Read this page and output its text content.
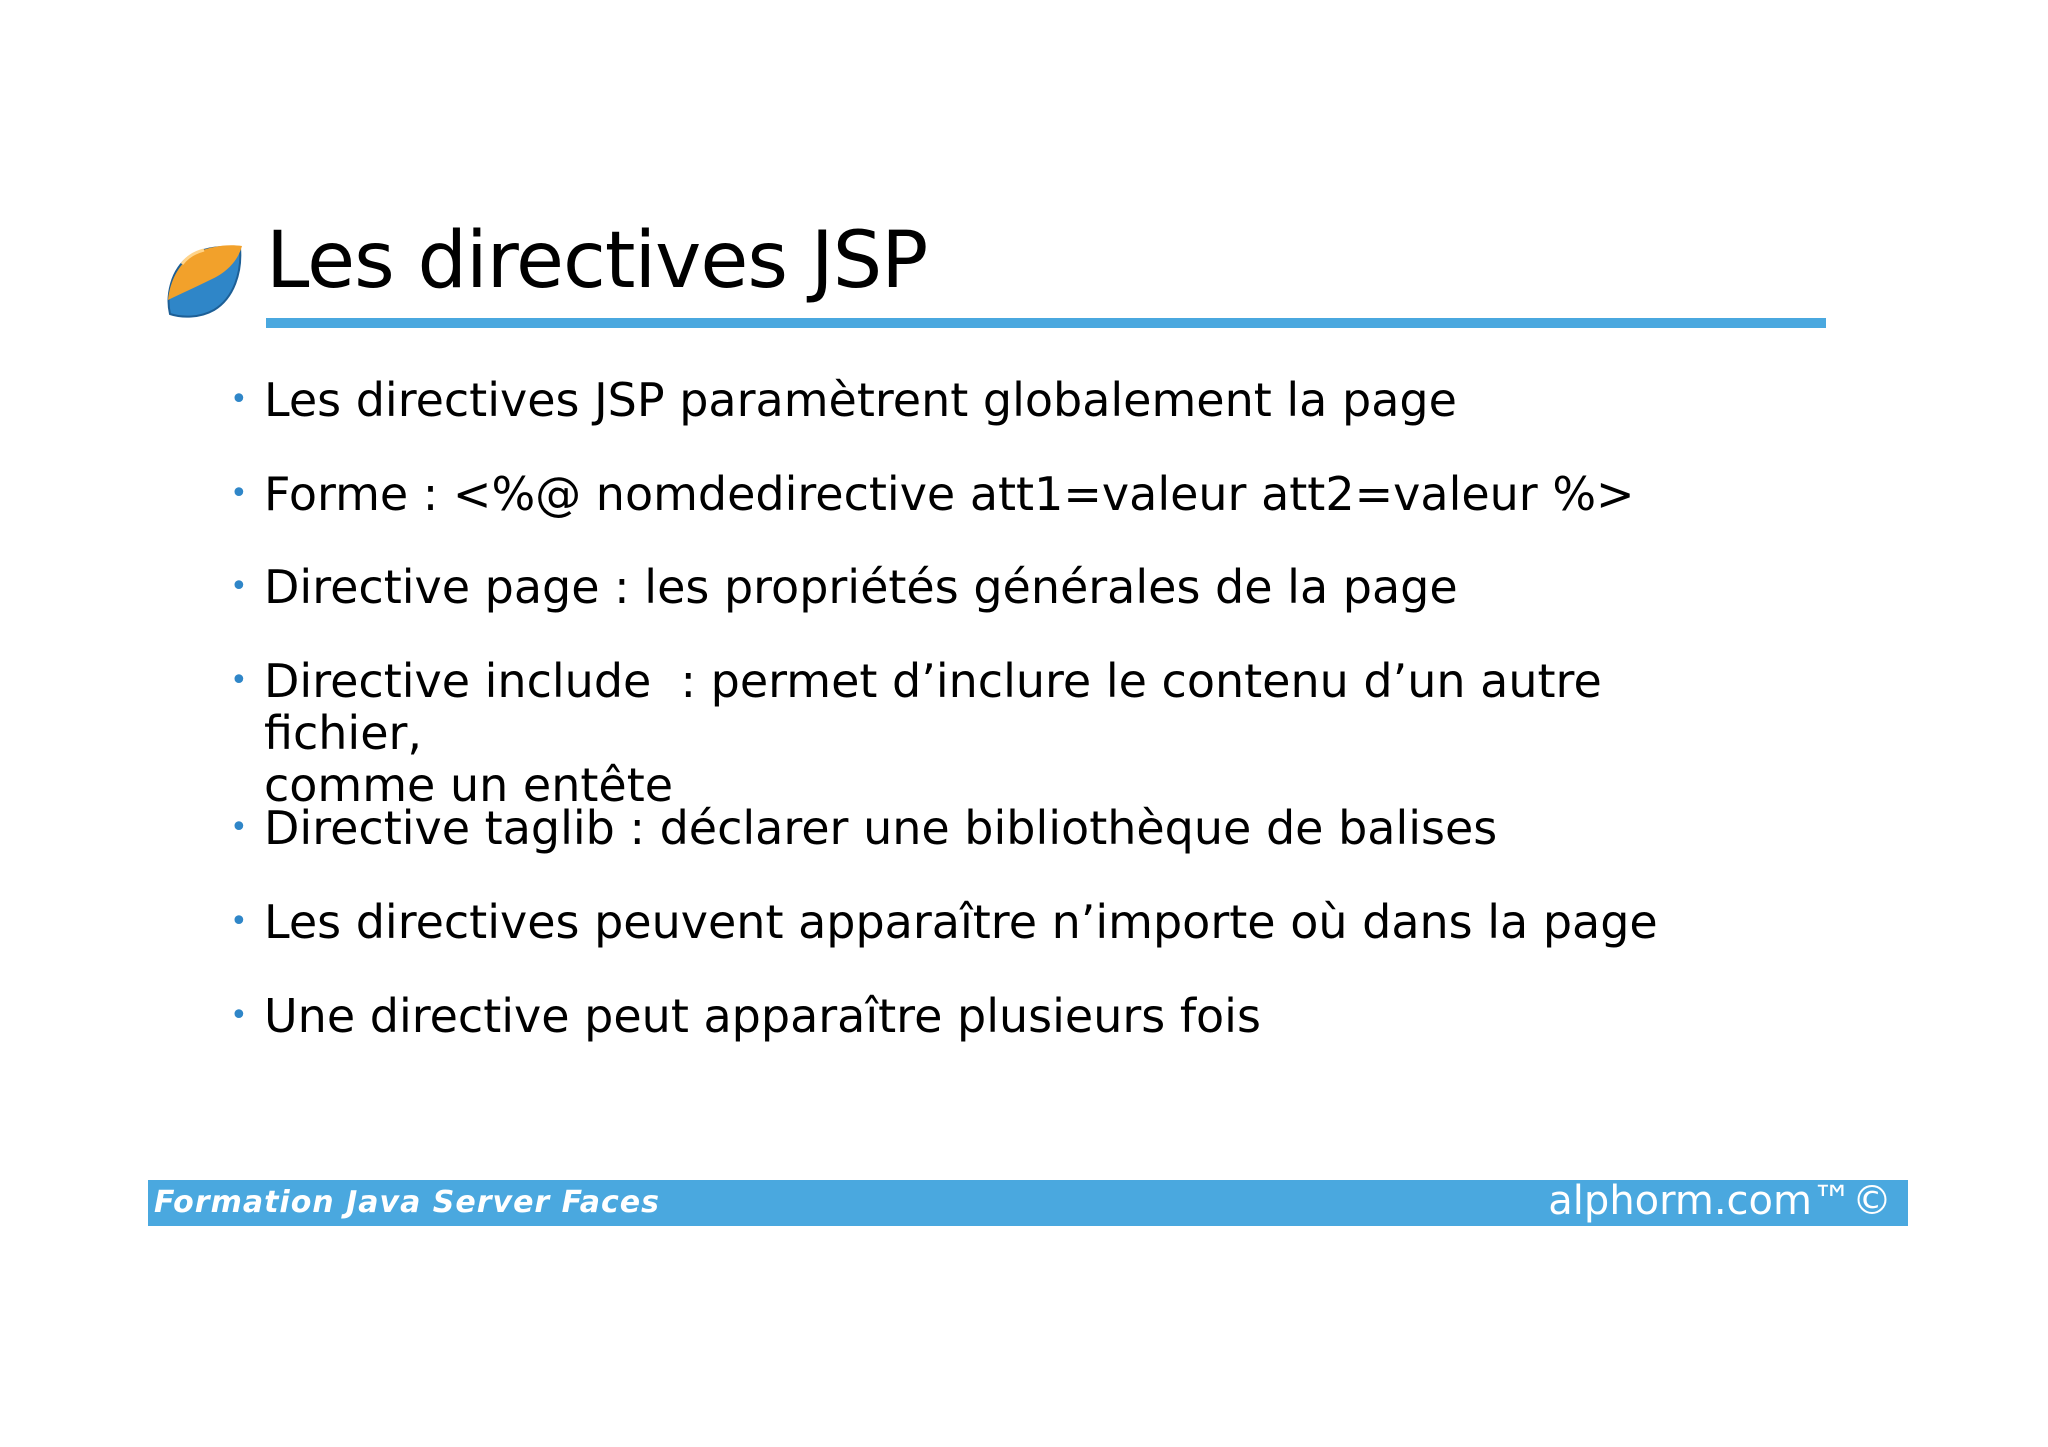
Les directives JSP
• Les directives JSP paramètrent globalement la page
• Forme : <%@ nomdedirective att1=valeur att2=valeur %>
• Directive page : les propriétés générales de la page
• Directive include  : permet d’inclure le contenu d’un autre fichier,
comme un entête
• Directive taglib : déclarer une bibliothèque de balises
• Les directives peuvent apparaître n’importe où dans la page
• Une directive peut apparaître plusieurs fois
Formation Java Server Faces	alphorm.com™©
